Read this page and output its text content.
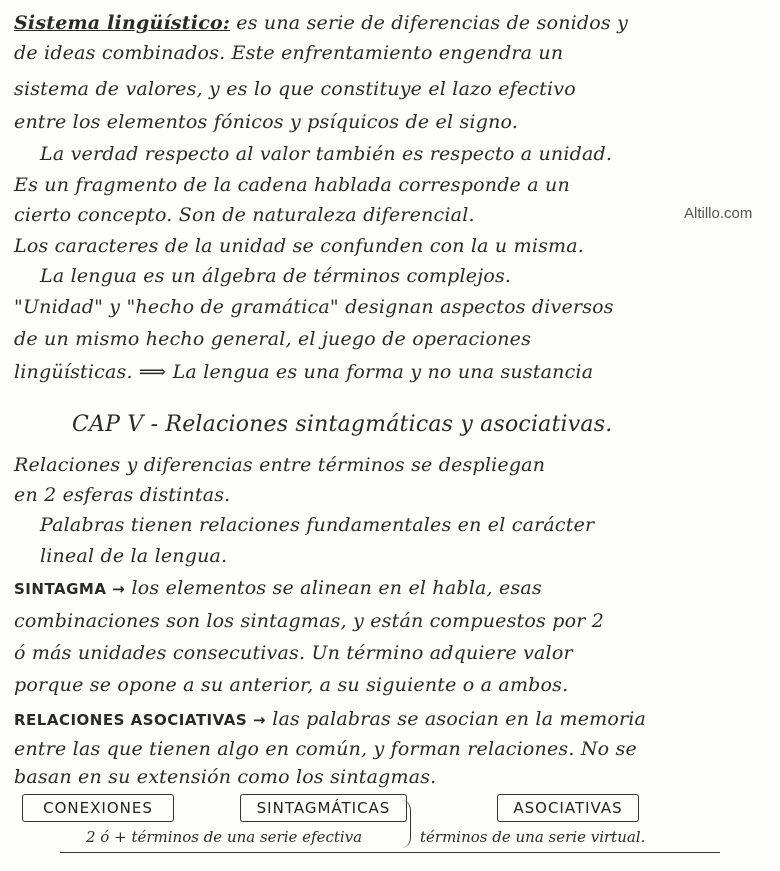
Sistema lingüístico: es una serie de diferencias de sonidos y
de ideas combinados. Este enfrentamiento engendra un
sistema de valores, y es lo que constituye el lazo efectivo
entre los elementos fónicos y psíquicos de el signo.
La verdad respecto al valor también es respecto a unidad.
Es un fragmento de la cadena hablada corresponde a un
cierto concepto. Son de naturaleza diferencial.
Los caracteres de la unidad se confunden con la u misma.
La lengua es un álgebra de términos complejos.
"Unidad" y "hecho de gramática" designan aspectos diversos
de un mismo hecho general, el juego de operaciones
lingüísticas. ⟹ La lengua es una forma y no una sustancia
CAP V - Relaciones sintagmáticas y asociativas.
Relaciones y diferencias entre términos se despliegan
en 2 esferas distintas.
Palabras tienen relaciones fundamentales en el carácter
lineal de la lengua.
SINTAGMA → los elementos se alinean en el habla, esas
combinaciones son los sintagmas, y están compuestos por 2
ó más unidades consecutivas. Un término adquiere valor
porque se opone a su anterior, a su siguiente o a ambos.
RELACIONES ASOCIATIVAS → las palabras se asocian en la memoria
entre las que tienen algo en común, y forman relaciones. No se
basan en su extensión como los sintagmas.
CONEXIONES	SINTAGMÁTICAS	ASOCIATIVAS
2 ó + términos de una serie efectiva	términos de una serie virtual.
Altillo.com
